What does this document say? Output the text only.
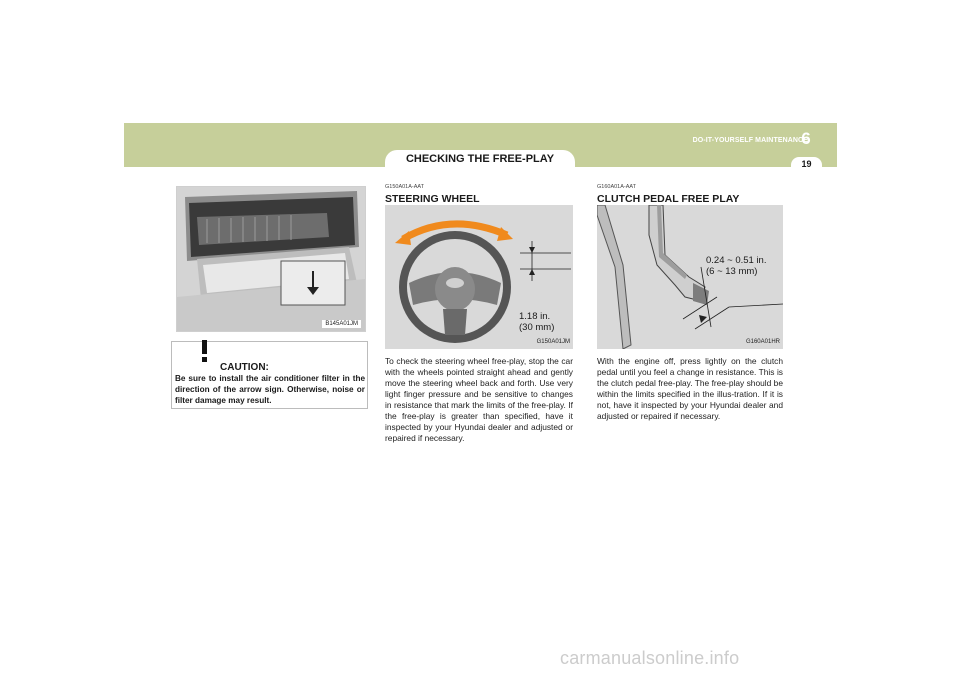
CHECKING THE FREE-PLAY
DO-IT-YOURSELF MAINTENANCE
6
19
B145A01JM
CAUTION:
Be sure to install the air conditioner filter in the direction of the arrow sign. Otherwise, noise or filter damage may result.
G150A01A-AAT
STEERING WHEEL
1.18 in.
(30 mm)
G150A01JM
To check the steering wheel free-play, stop the car with the wheels pointed straight ahead and gently move the steering wheel back and forth. Use very light finger pressure and be sensitive to changes in resistance that mark the limits of the free-play. If the free-play is greater than specified, have it inspected by your Hyundai dealer and adjusted or repaired if necessary.
G160A01A-AAT
CLUTCH PEDAL FREE PLAY
0.24 ~ 0.51 in.
(6 ~ 13 mm)
G160A01HR
With the engine off, press lightly on the clutch pedal until you feel a change in resistance. This is the clutch pedal free-play. The free-play should be within the limits specified in the illus-tration. If it is not, have it inspected by your Hyundai dealer and adjusted or repaired if necessary.
carmanualsonline.info
